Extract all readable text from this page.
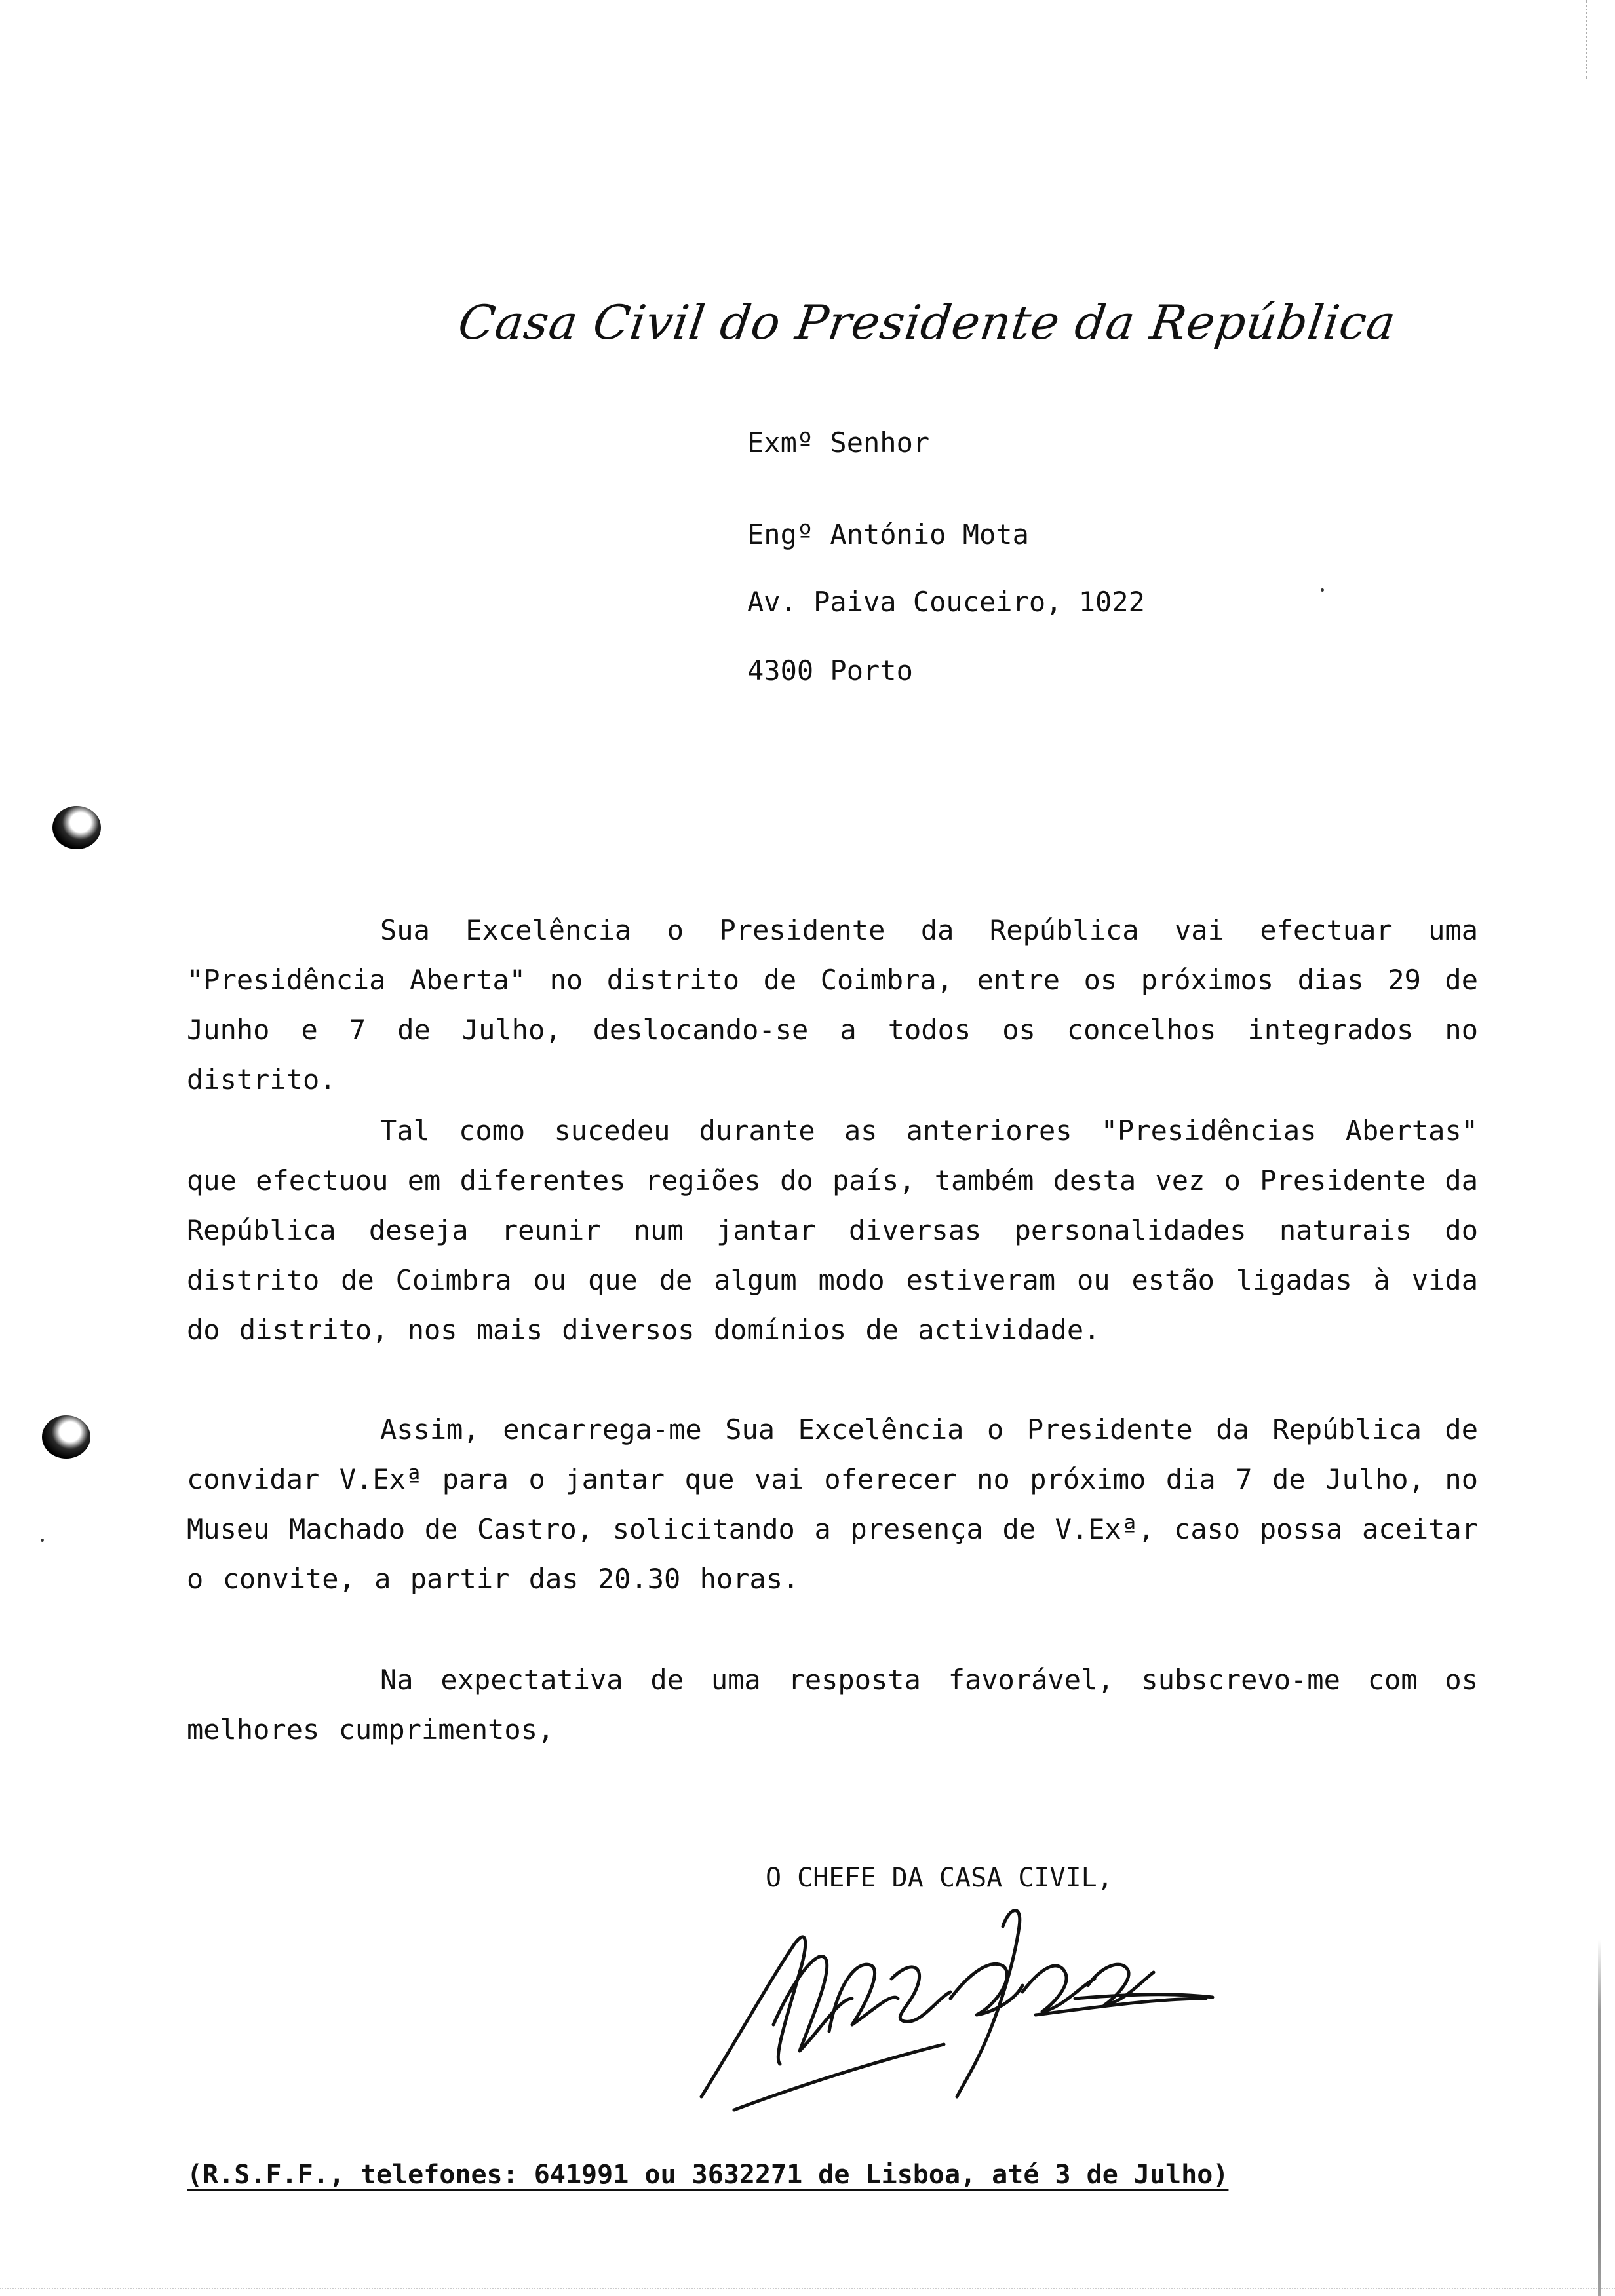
Casa Civil do Presidente da República
Exmº Senhor
Engº António Mota
Av. Paiva Couceiro, 1022
4300 Porto
Sua Excelência o Presidente da República vai efectuar uma "Presidência Aberta" no distrito de Coimbra, entre os próximos dias 29 de Junho e 7 de Julho, deslocando-se a todos os concelhos integrados no distrito.
Tal como sucedeu durante as anteriores "Presidências Abertas" que efectuou em diferentes regiões do país, também desta vez o Presidente da República deseja reunir num jantar diversas personalidades naturais do distrito de Coimbra ou que de algum modo estiveram ou estão ligadas à vida do distrito, nos mais diversos domínios de actividade.
Assim, encarrega-me Sua Excelência o Presidente da República de convidar V.Exª para o jantar que vai oferecer no próximo dia 7 de Julho, no Museu Machado de Castro, solicitando a presença de V.Exª, caso possa aceitar o convite, a partir das 20.30 horas.
Na expectativa de uma resposta favorável, subscrevo-me com os melhores cumprimentos,
O CHEFE DA CASA CIVIL,
(R.S.F.F., telefones: 641991 ou 3632271 de Lisboa, até 3 de Julho)
